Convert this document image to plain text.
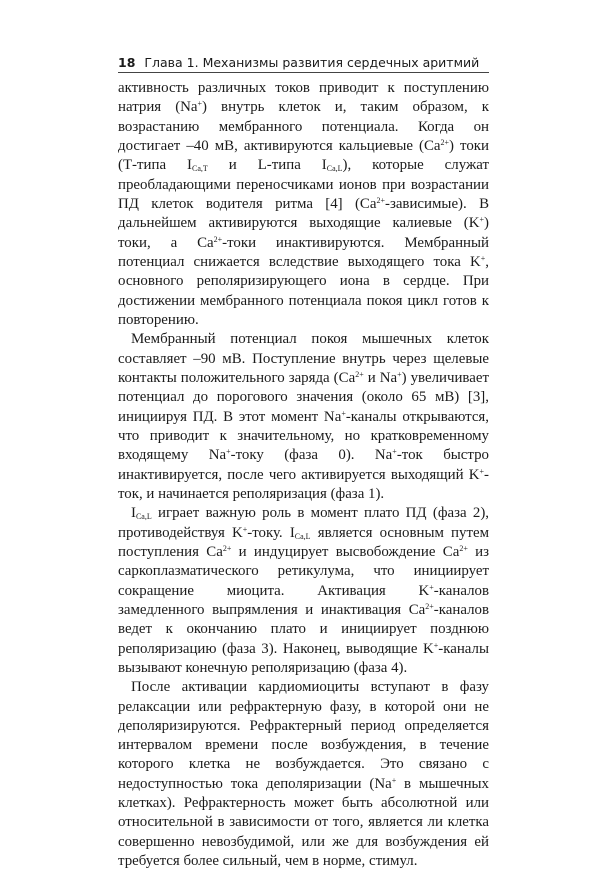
18 Глава 1. Механизмы развития сердечных аритмий

активность различных токов приводит к поступлению натрия (Na+) внутрь клеток и, таким образом, к возрастанию мембранного потенциала. Когда он достигает –40 мВ, активируются кальциевые $(Ca^{2+})$ токи (Т-типа $I_{Ca,T}$ и L-типа $I_{Ca,L}$), которые служат преобладающими переносчиками ионов при возрастании ПД клеток водителя ритма [4] $(Ca^{2+}-зависимые)$. В дальнейшем активируются выходящие калиевые (K+) токи, а $Ca^{2+}$-токи инактивируются. Мембранный потенциал снижается вследствие выходящего тока K+, основного реполяризирующего иона в сердце. При достижении мембранного потенциала покоя цикл готов к повторению.

Мембранный потенциал покоя мышечных клеток составляет –90 мВ. Поступление внутрь через щелевые контакты положительного заряда ($Ca^{2+}$ и Na+) увеличивает потенциал до порогового значения (около 65 мВ) [3], инициируя ПД. В этот момент Na+-каналы открываются, что приводит к значительному, но кратковременному входящему Na+-току (фаза 0). Na+-ток быстро инактивируется, после чего активируется выходящий K+-ток, и начинается реполяризация (фаза 1).

$I_{Ca,L}$ играет важную роль в момент плато ПД (фаза 2), противодействуя K+-току. $I_{Ca,L}$ является основным путем поступления $Ca^{2+}$ и индуцирует высвобождение $Ca^{2+}$ из саркоплазматического ретикулума, что инициирует сокращение миоцита. Активация K+-каналов замедленного выпрямления и инактивация $Ca^{2+}$-каналов ведет к окончанию плато и инициирует позднюю реполяризацию (фаза 3). Наконец, выводящие K+-каналы вызывают конечную реполяризацию (фаза 4).

После активации кардиомиоциты вступают в фазу релаксации или рефрактерную фазу, в которой они не деполяризируются. Рефрактерный период определяется интервалом времени после возбуждения, в течение которого клетка не возбуждается. Это связано с недоступностью тока деполяризации (Na+ в мышечных клетках). Рефрактерность может быть абсолютной или относительной в зависимости от того, является ли клетка совершенно невозбудимой, или же для возбуждения ей требуется более сильный, чем в норме, стимул.
